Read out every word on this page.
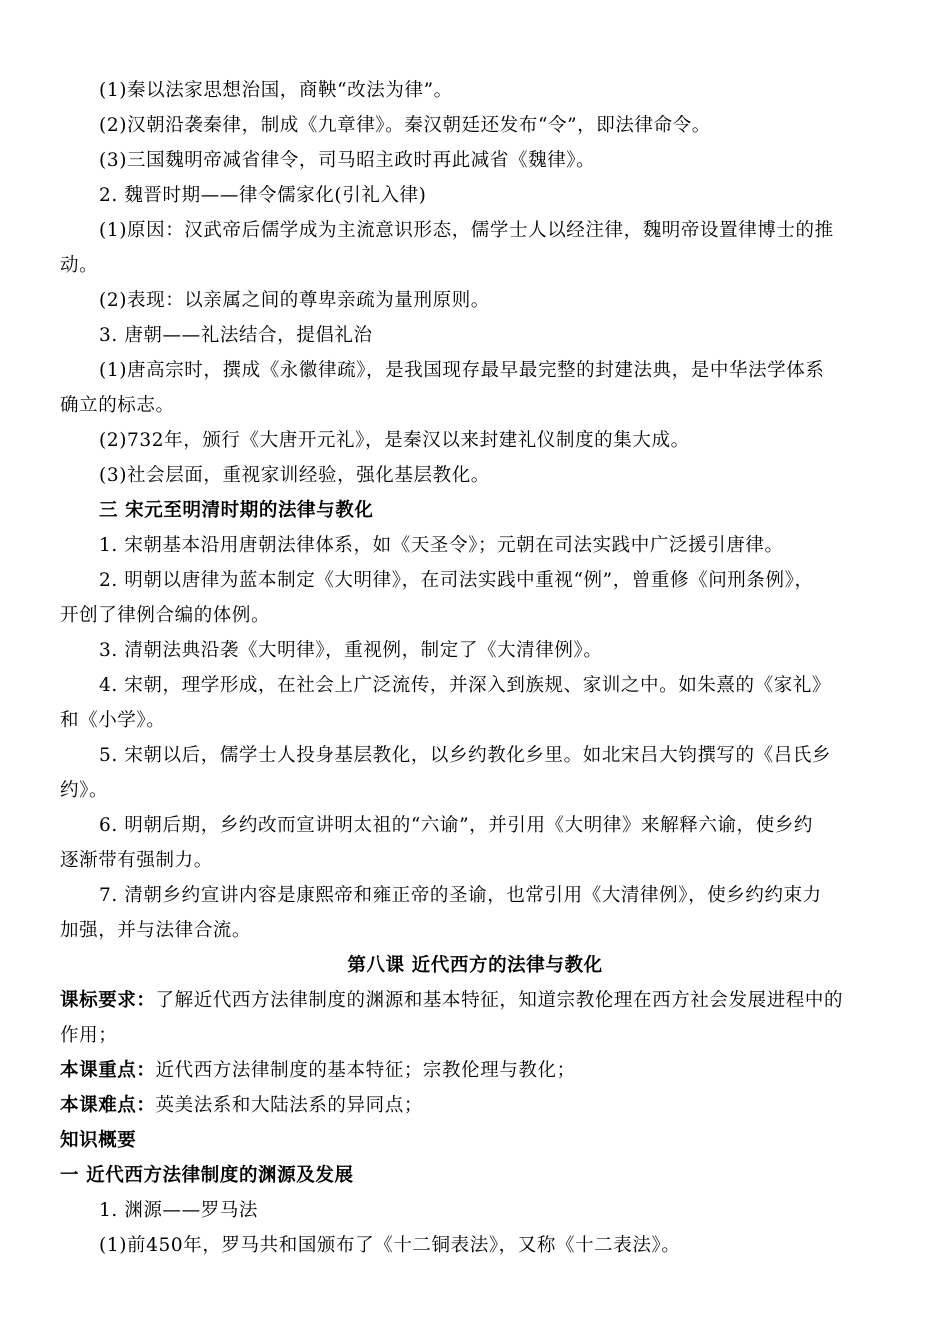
(1)秦以法家思想治国，商鞅“改法为律”。
(2)汉朝沿袭秦律，制成《九章律》。秦汉朝廷还发布“令”，即法律命令。
(3)三国魏明帝减省律令，司马昭主政时再此减省《魏律》。
2. 魏晋时期——律令儒家化(引礼入律)
(1)原因：汉武帝后儒学成为主流意识形态，儒学士人以经注律，魏明帝设置律博士的推
动。
(2)表现：以亲属之间的尊卑亲疏为量刑原则。
3. 唐朝——礼法结合，提倡礼治
(1)唐高宗时，撰成《永徽律疏》，是我国现存最早最完整的封建法典，是中华法学体系
确立的标志。
(2)732年，颁行《大唐开元礼》，是秦汉以来封建礼仪制度的集大成。
(3)社会层面，重视家训经验，强化基层教化。
三 宋元至明清时期的法律与教化
1. 宋朝基本沿用唐朝法律体系，如《天圣令》；元朝在司法实践中广泛援引唐律。
2. 明朝以唐律为蓝本制定《大明律》，在司法实践中重视“例”，曾重修《问刑条例》，
开创了律例合编的体例。
3. 清朝法典沿袭《大明律》，重视例，制定了《大清律例》。
4. 宋朝，理学形成，在社会上广泛流传，并深入到族规、家训之中。如朱熹的《家礼》
和《小学》。
5. 宋朝以后，儒学士人投身基层教化，以乡约教化乡里。如北宋吕大钧撰写的《吕氏乡
约》。
6. 明朝后期，乡约改而宣讲明太祖的“六谕”，并引用《大明律》来解释六谕，使乡约
逐渐带有强制力。
7. 清朝乡约宣讲内容是康熙帝和雍正帝的圣谕，也常引用《大清律例》，使乡约约束力
加强，并与法律合流。
第八课 近代西方的法律与教化
课标要求：了解近代西方法律制度的渊源和基本特征，知道宗教伦理在西方社会发展进程中的
作用；
本课重点：近代西方法律制度的基本特征；宗教伦理与教化；
本课难点：英美法系和大陆法系的异同点；
知识概要
一 近代西方法律制度的渊源及发展
1. 渊源——罗马法
(1)前450年，罗马共和国颁布了《十二铜表法》，又称《十二表法》。
